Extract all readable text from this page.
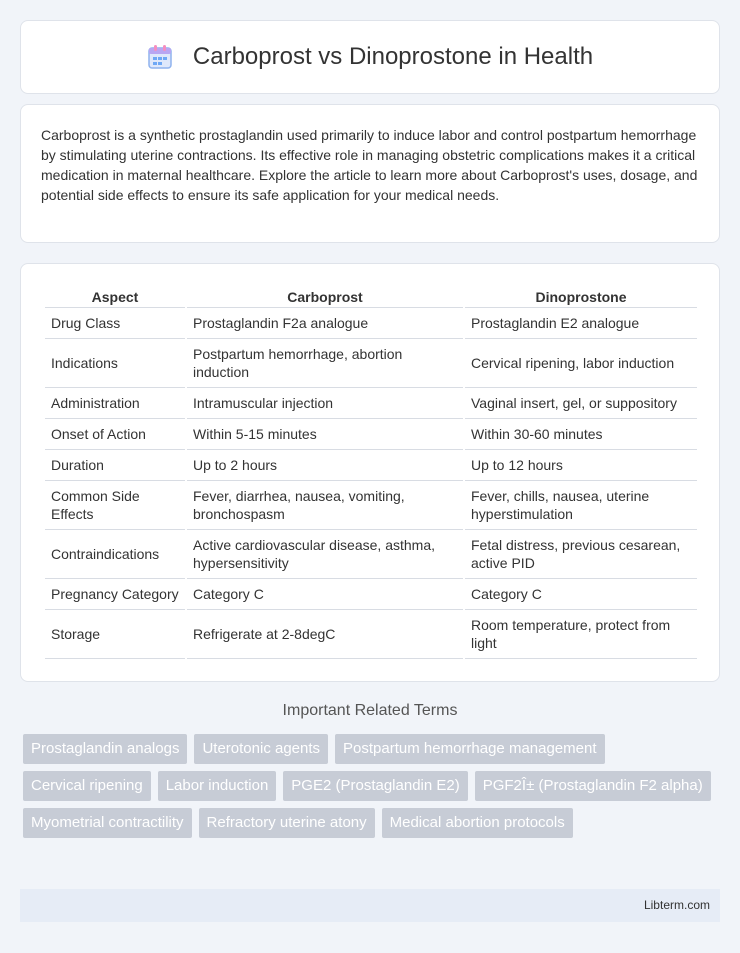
Carboprost vs Dinoprostone in Health

Carboprost is a synthetic prostaglandin used primarily to induce labor and control postpartum hemorrhage by stimulating uterine contractions. Its effective role in managing obstetric complications makes it a critical medication in maternal healthcare. Explore the article to learn more about Carboprost's uses, dosage, and potential side effects to ensure its safe application for your medical needs.

Aspect	Carboprost	Dinoprostone
Drug Class	Prostaglandin F2a analogue	Prostaglandin E2 analogue
Indications	Postpartum hemorrhage, abortion induction	Cervical ripening, labor induction
Administration	Intramuscular injection	Vaginal insert, gel, or suppository
Onset of Action	Within 5-15 minutes	Within 30-60 minutes
Duration	Up to 2 hours	Up to 12 hours
Common Side Effects	Fever, diarrhea, nausea, vomiting, bronchospasm	Fever, chills, nausea, uterine hyperstimulation
Contraindications	Active cardiovascular disease, asthma, hypersensitivity	Fetal distress, previous cesarean, active PID
Pregnancy Category	Category C	Category C
Storage	Refrigerate at 2-8degC	Room temperature, protect from light
Important Related Terms
Prostaglandin analogs	Uterotonic agents	Postpartum hemorrhage management
Cervical ripening	Labor induction	PGE2 (Prostaglandin E2)	PGF2Î± (Prostaglandin F2 alpha)
Myometrial contractility	Refractory uterine atony	Medical abortion protocols
Libterm.com
